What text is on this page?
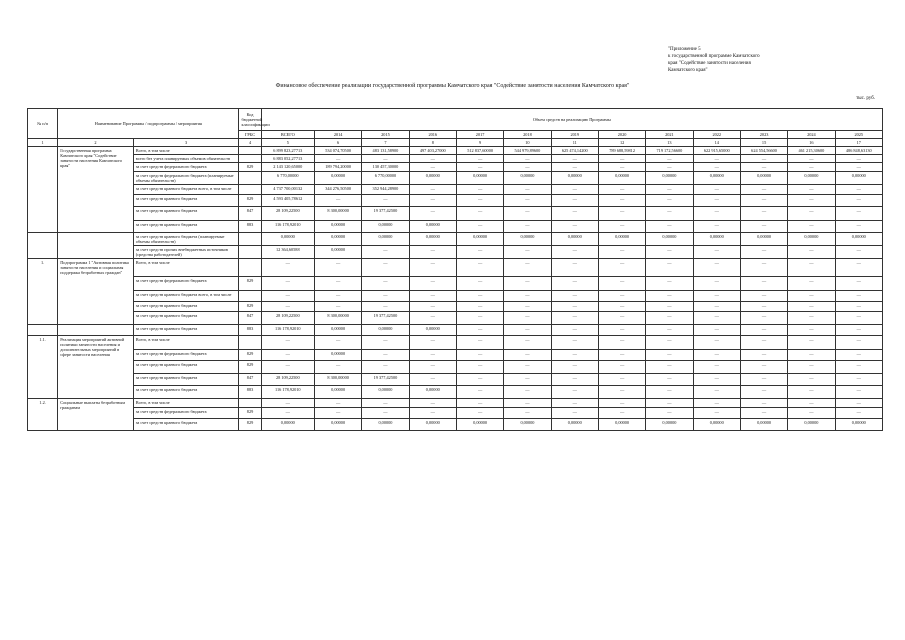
"Приложение 5
к государственной программе Камчатского
края "Содействие занятости населения
Камчатского края"
Финансовое обеспечение реализации государственной программы Камчатского края "Содействие занятости населения Камчатского края"
тыс. руб.
№ п/п	Наименование Программы / подпрограммы / мероприятия		Код бюджетной классификации	Объем средств на реализацию Программы												
			ГРБС	ВСЕГО	2014	2015	2016	2017	2018	2019	2020	2021	2022	2023	2024	2025
1	2	3	4	5	6	7	8	9	10	11	12	13	14	15	16	17
	Государственная программа Камчатского края "Содействие занятости населения Камчатского края"	Всего, в том числе		6 899 823,27713	534 074,70500	483 131,58900	497 403,27000	512 837,60000	544 979,89600	625 474,14200	789 688,59812	719 172,56600	622 915,65000	624 554,56600	461 215,30600	486 848,63130
		всего без учета планируемых объемов обязательств		6 883 052,27713	—	—	—	—	—	—	—	—	—	—	—	—
		за счет средств федерального бюджета	829	2 143 120,65000	189 794,20000	130 457,30000	—	—	—	—	—	—	—	—	—	—
		за счет средств федерального бюджета (планируемые объемы обязательств)		6 770,00000	0,00000	6 770,00000	0,00000	0,00000	0,00000	0,00000	0,00000	0,00000	0,00000	0,00000	0,00000	0,00000
		за счет средств краевого бюджета всего, в том числе		4 737 700,00132	344 276,50500	352 944,28900	—	—	—	—	—	—	—	—	—	—
		за счет средств краевого бюджета	829	4 593 405,78612	—	—	—	—	—	—	—	—	—	—	—	—
		за счет средств краевого бюджета	847	28 109,22500	8 300,00000	19 377,42500	—	—	—	—	—	—	—	—	—	—
		за счет средств краевого бюджета	883	116 178,92010	0,00000	0,00000	0,00000	—	—	—	—	—	—	—	—	—
		за счет средств краевого бюджета (планируемые объемы обязательств)		0,00000	0,00000	0,00000	0,00000	0,00000	0,00000	0,00000	0,00000	0,00000	0,00000	0,00000	0,00000	0,00000
		за счет средств прочих внебюджетных источников (средства работодателей)		12 364,60588	0,00000	—	—	—	—	—	—	—	—	—	—	—
1.	Подпрограмма 1 "Активная политика занятости населения и социальная поддержка безработных граждан"	Всего, в том числе		—	—	—	—	—	—	—	—	—	—	—	—	—
		за счет средств федерального бюджета	829	—	—	—	—	—	—	—	—	—	—	—	—	—
		за счет средств краевого бюджета всего, в том числе		—	—	—	—	—	—	—	—	—	—	—	—	—
		за счет средств краевого бюджета	829	—	—	—	—	—	—	—	—	—	—	—	—	—
		за счет средств краевого бюджета	847	28 109,22500	8 300,00000	19 377,42500	—	—	—	—	—	—	—	—	—	—
		за счет средств краевого бюджета	883	116 178,92010	0,00000	0,00000	0,00000	—	—	—	—	—	—	—	—	—
1.1.	Реализация мероприятий активной политики занятости населения и дополнительных мероприятий в сфере занятости населения	Всего, в том числе		—	—	—	—	—	—	—	—	—	—	—	—	—
		за счет средств федерального бюджета	829	—	0,00000	—	—	—	—	—	—	—	—	—	—	—
		за счет средств краевого бюджета	829	—	—	—	—	—	—	—	—	—	—	—	—	—
		за счет средств краевого бюджета	847	28 109,22500	8 300,00000	19 377,42500	—	—	—	—	—	—	—	—	—	—
		за счет средств краевого бюджета	883	116 178,92010	0,00000	0,00000	0,00000	—	—	—	—	—	—	—	—	—
1.2.	Социальные выплаты безработным гражданам	Всего, в том числе		—	—	—	—	—	—	—	—	—	—	—	—	—
		за счет средств федерального бюджета	829	—	—	—	—	—	—	—	—	—	—	—	—	—
		за счет средств краевого бюджета	829	0,00000	0,00000	0,00000	0,00000	0,00000	0,00000	0,00000	0,00000	0,00000	0,00000	0,00000	0,00000	0,00000
